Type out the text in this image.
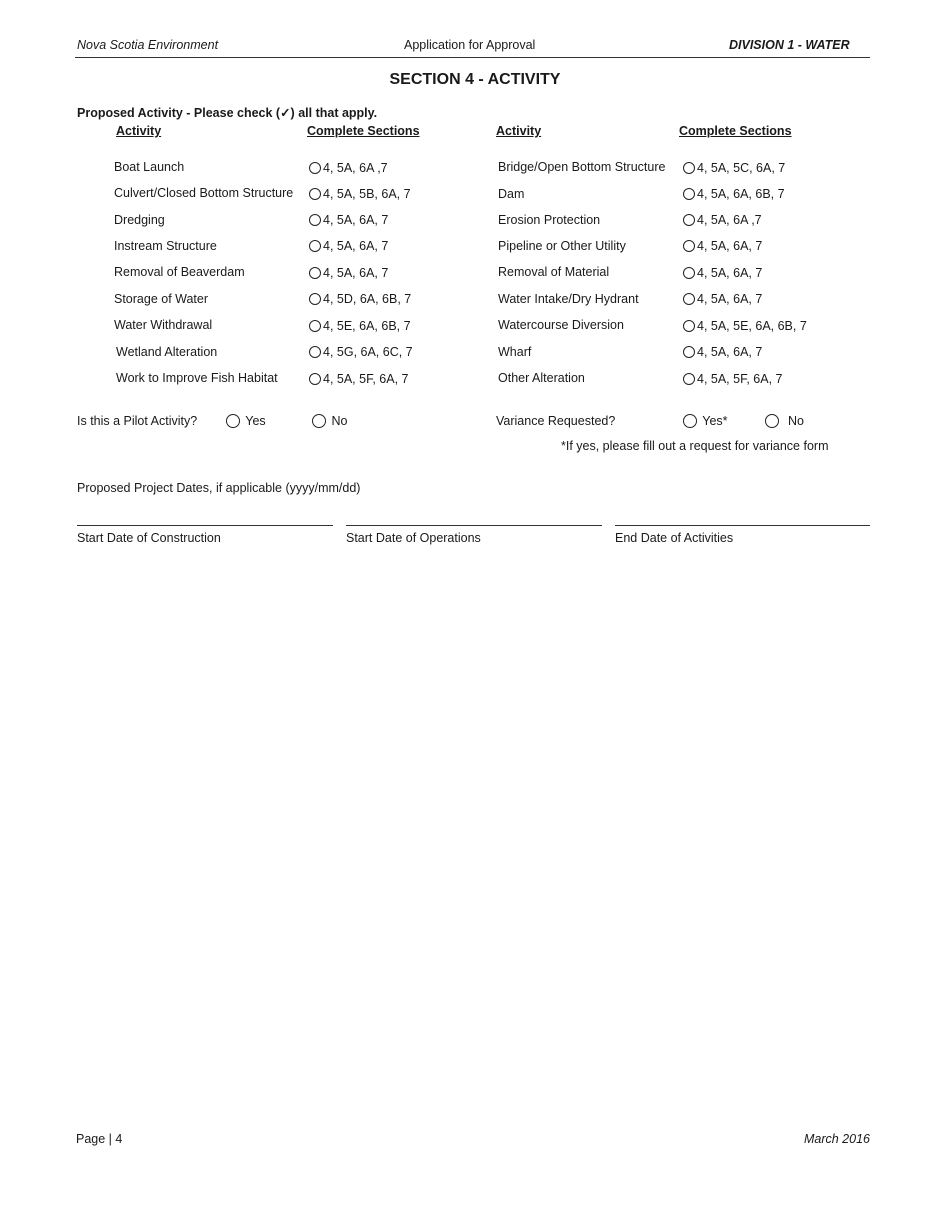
Nova Scotia Environment	Application for Approval	DIVISION 1 - WATER
SECTION 4 - ACTIVITY
Proposed Activity - Please check (✓) all that apply.
Activity	Complete Sections	Activity	Complete Sections
Boat Launch	4, 5A, 6A ,7
Culvert/Closed Bottom Structure	4, 5A, 5B, 6A, 7
Dredging	4, 5A, 6A, 7
Instream Structure	4, 5A, 6A, 7
Removal of Beaverdam	4, 5A, 6A, 7
Storage of Water	4, 5D, 6A, 6B, 7
Water Withdrawal	4, 5E, 6A, 6B, 7
Wetland Alteration	4, 5G, 6A, 6C, 7
Work to Improve Fish Habitat	4, 5A, 5F, 6A, 7
Bridge/Open Bottom Structure	4, 5A, 5C, 6A, 7
Dam	4, 5A, 6A, 6B, 7
Erosion Protection	4, 5A, 6A ,7
Pipeline or Other Utility	4, 5A, 6A, 7
Removal of Material	4, 5A, 6A, 7
Water Intake/Dry Hydrant	4, 5A, 6A, 7
Watercourse Diversion	4, 5A, 5E, 6A, 6B, 7
Wharf	4, 5A, 6A, 7
Other Alteration	4, 5A, 5F, 6A, 7
Is this a Pilot Activity?	Yes	No	Variance Requested?	Yes*	No
*If yes, please fill out a request for variance form
Proposed Project Dates, if applicable (yyyy/mm/dd)
Start Date of Construction	Start Date of Operations	End Date of Activities
Page | 4	March 2016
